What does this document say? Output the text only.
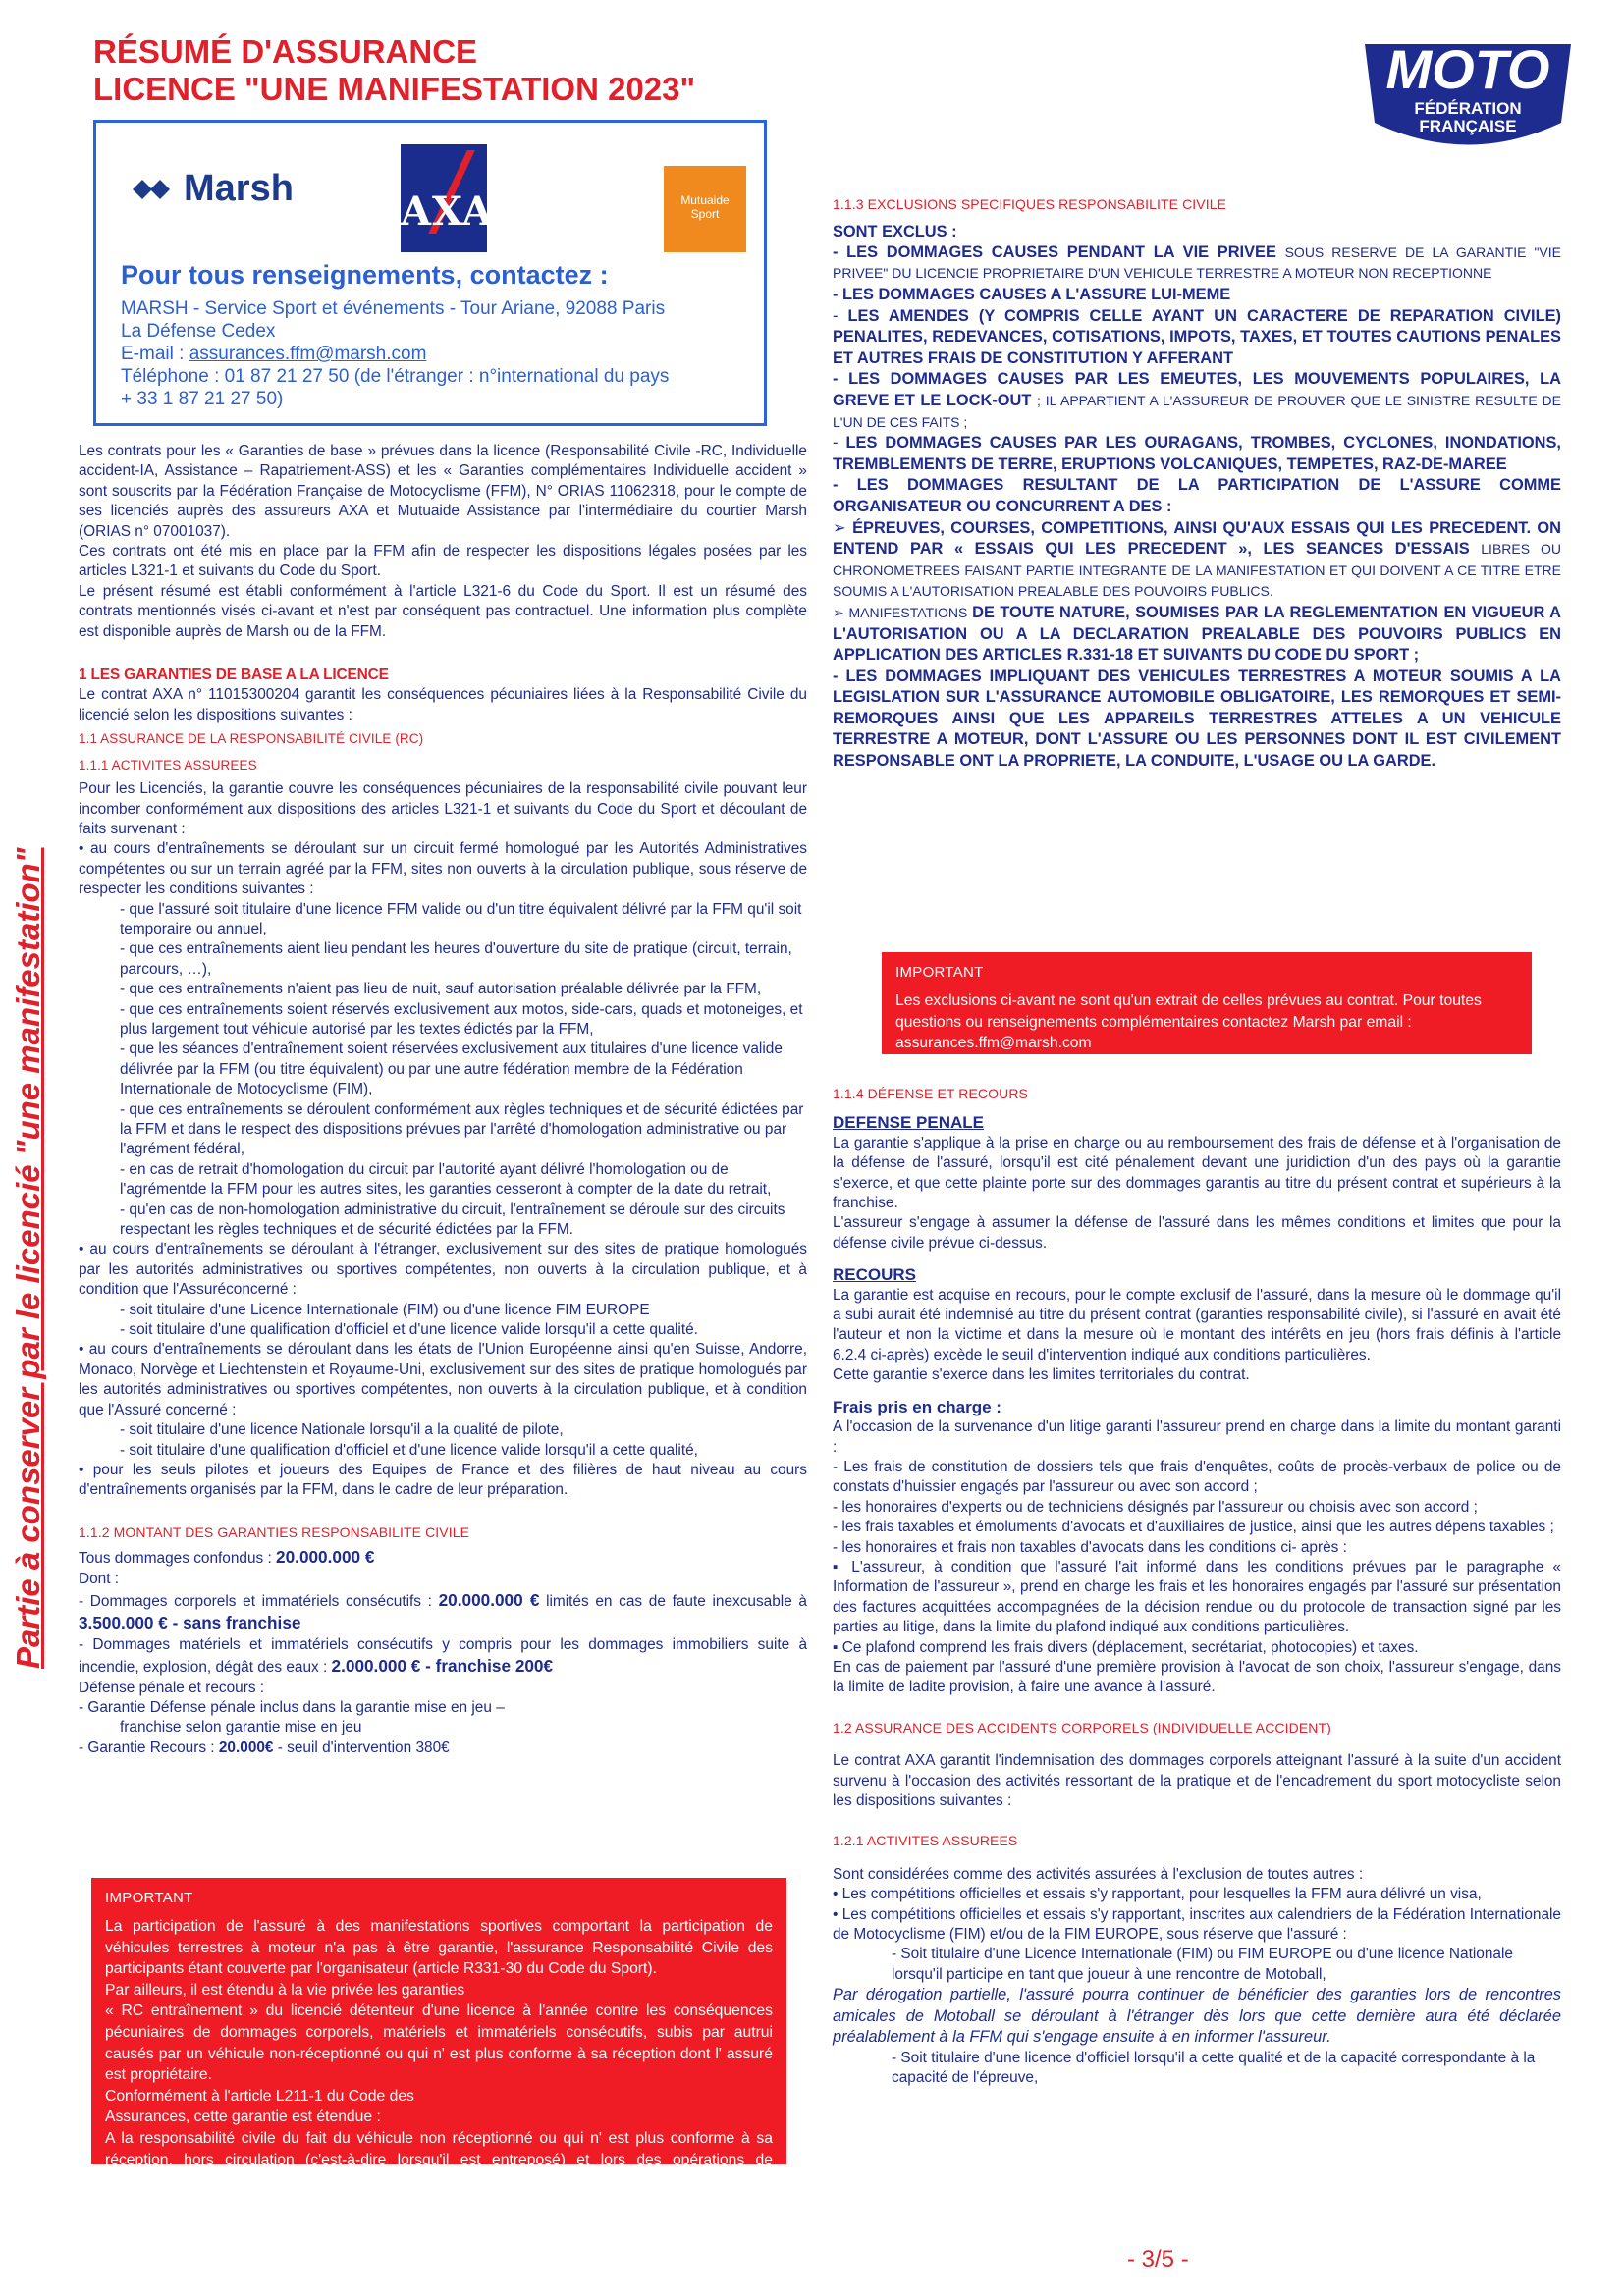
RÉSUMÉ D'ASSURANCE
LICENCE "UNE MANIFESTATION 2023"	MOTO
FÉDÉRATION
FRANÇAISE
Marsh	AXA	Mutuaide
Sport
Pour tous renseignements, contactez :
MARSH - Service Sport et événements - Tour Ariane, 92088 Paris
La Défense Cedex
E-mail : assurances.ffm@marsh.com
Téléphone : 01 87 21 27 50 (de l'étranger : n°international du pays
+ 33 1 87 21 27 50)
Partie à conserver par le licencié "une manifestation"

Les contrats pour les « Garanties de base » prévues dans la licence (Responsabilité Civile -RC, Individuelle accident-IA, Assistance – Rapatriement-ASS) et les « Garanties complémentaires Individuelle accident » sont souscrits par la Fédération Française de Motocyclisme (FFM), N° ORIAS 11062318, pour le compte de ses licenciés auprès des assureurs AXA et Mutuaide Assistance par l'intermédiaire du courtier Marsh (ORIAS n° 07001037).

Ces contrats ont été mis en place par la FFM afin de respecter les dispositions légales posées par les articles L321-1 et suivants du Code du Sport.

Le présent résumé est établi conformément à l'article L321-6 du Code du Sport. Il est un résumé des contrats mentionnés visés ci-avant et n'est par conséquent pas contractuel. Une information plus complète est disponible auprès de Marsh ou de la FFM.

1 LES GARANTIES DE BASE A LA LICENCE

Le contrat AXA n° 11015300204 garantit les conséquences pécuniaires liées à la Responsabilité Civile du licencié selon les dispositions suivantes :

1.1 ASSURANCE DE LA RESPONSABILITÉ CIVILE (RC)
1.1.1 ACTIVITES ASSUREES

Pour les Licenciés, la garantie couvre les conséquences pécuniaires de la responsabilité civile pouvant leur incomber conformément aux dispositions des articles L321-1 et suivants du Code du Sport et découlant de faits survenant :

• au cours d'entraînements se déroulant sur un circuit fermé homologué par les Autorités Administratives compétentes ou sur un terrain agréé par la FFM, sites non ouverts à la circulation publique, sous réserve de respecter les conditions suivantes :

- que l'assuré soit titulaire d'une licence FFM valide ou d'un titre équivalent délivré par la FFM qu'il soit temporaire ou annuel,
- que ces entraînements aient lieu pendant les heures d'ouverture du site de pratique (circuit, terrain, parcours, …),
- que ces entraînements n'aient pas lieu de nuit, sauf autorisation préalable délivrée par la FFM,
- que ces entraînements soient réservés exclusivement aux motos, side-cars, quads et motoneiges, et plus largement tout véhicule autorisé par les textes édictés par la FFM,
- que les séances d'entraînement soient réservées exclusivement aux titulaires d'une licence valide délivrée par la FFM (ou titre équivalent) ou par une autre fédération membre de la Fédération Internationale de Motocyclisme (FIM),
- que ces entraînements se déroulent conformément aux règles techniques et de sécurité édictées par la FFM et dans le respect des dispositions prévues par l'arrêté d'homologation administrative ou par l'agrément fédéral,
- en cas de retrait d'homologation du circuit par l'autorité ayant délivré l'homologation ou de l'agrémentde la FFM pour les autres sites, les garanties cesseront à compter de la date du retrait,
- qu'en cas de non-homologation administrative du circuit, l'entraînement se déroule sur des circuits respectant les règles techniques et de sécurité édictées par la FFM.

• au cours d'entraînements se déroulant à l'étranger, exclusivement sur des sites de pratique homologués par les autorités administratives ou sportives compétentes, non ouverts à la circulation publique, et à condition que l'Assuréconcerné :

- soit titulaire d'une Licence Internationale (FIM) ou d'une licence FIM EUROPE
- soit titulaire d'une qualification d'officiel et d'une licence valide lorsqu'il a cette qualité.

• au cours d'entraînements se déroulant dans les états de l'Union Européenne ainsi qu'en Suisse, Andorre, Monaco, Norvège et Liechtenstein et Royaume-Uni, exclusivement sur des sites de pratique homologués par les autorités administratives ou sportives compétentes, non ouverts à la circulation publique, et à condition que l'Assuré concerné :

- soit titulaire d'une licence Nationale lorsqu'il a la qualité de pilote,
- soit titulaire d'une qualification d'officiel et d'une licence valide lorsqu'il a cette qualité,

• pour les seuls pilotes et joueurs des Equipes de France et des filières de haut niveau au cours d'entraînements organisés par la FFM, dans le cadre de leur préparation.

1.1.2 MONTANT DES GARANTIES RESPONSABILITE CIVILE

Tous dommages confondus : 20.000.000 €

Dont :

- Dommages corporels et immatériels consécutifs : 20.000.000 € limités en cas de faute inexcusable à 3.500.000 € - sans franchise

- Dommages matériels et immatériels consécutifs y compris pour les dommages immobiliers suite à incendie, explosion, dégât des eaux : 2.000.000 € - franchise 200€

Défense pénale et recours :

- Garantie Défense pénale inclus dans la garantie mise en jeu –

franchise selon garantie mise en jeu

- Garantie Recours : 20.000€ - seuil d'intervention 380€

IMPORTANT
La participation de l'assuré à des manifestations sportives comportant la participation de véhicules terrestres à moteur n'a pas à être garantie, l'assurance Responsabilité Civile des participants étant couverte par l'organisateur (article R331-30 du Code du Sport).
Par ailleurs, il est étendu à la vie privée les garanties
« RC entraînement » du licencié détenteur d'une licence à l'année contre les conséquences pécuniaires de dommages corporels, matériels et immatériels consécutifs, subis par autrui causés par un véhicule non-réceptionné ou qui n' est plus conforme à sa réception dont l' assuré est propriétaire.
Conformément à l'article L211-1 du Code des
Assurances, cette garantie est étendue :
A la responsabilité civile du fait du véhicule non réceptionné ou qui n' est plus conforme à sa réception, hors circulation (c'est-à-dire lorsqu'il est entreposé) et lors des opérations de chargement, de déchargement sur une remorque ou dans un véhicule, à l' exclusion des dommages subis lors de la réparation de la vente et/ou du contrôle de l'automobile par des professionnels.
1.1.3 EXCLUSIONS SPECIFIQUES RESPONSABILITE CIVILE
SONT EXCLUS :

- LES DOMMAGES CAUSES PENDANT LA VIE PRIVEE SOUS RESERVE DE LA GARANTIE "VIE PRIVEE" DU LICENCIE PROPRIETAIRE D'UN VEHICULE TERRESTRE A MOTEUR NON RECEPTIONNE

- LES DOMMAGES CAUSES A L'ASSURE LUI-MEME

- LES AMENDES (Y COMPRIS CELLE AYANT UN CARACTERE DE REPARATION CIVILE) PENALITES, REDEVANCES, COTISATIONS, IMPOTS, TAXES, ET TOUTES CAUTIONS PENALES ET AUTRES FRAIS DE CONSTITUTION Y AFFERANT

- LES DOMMAGES CAUSES PAR LES EMEUTES, LES MOUVEMENTS POPULAIRES, LA GREVE ET LE LOCK-OUT ; IL APPARTIENT A L'ASSUREUR DE PROUVER QUE LE SINISTRE RESULTE DE L'UN DE CES FAITS ;

- LES DOMMAGES CAUSES PAR LES OURAGANS, TROMBES, CYCLONES, INONDATIONS, TREMBLEMENTS DE TERRE, ERUPTIONS VOLCANIQUES, TEMPETES, RAZ-DE-MAREE

- LES DOMMAGES RESULTANT DE LA PARTICIPATION DE L'ASSURE COMME ORGANISATEUR OU CONCURRENT A DES :

➢ ÉPREUVES, COURSES, COMPETITIONS, AINSI QU'AUX ESSAIS QUI LES PRECEDENT. ON ENTEND PAR « ESSAIS QUI LES PRECEDENT », LES SEANCES D'ESSAIS LIBRES OU CHRONOMETREES FAISANT PARTIE INTEGRANTE DE LA MANIFESTATION ET QUI DOIVENT A CE TITRE ETRE SOUMIS A L'AUTORISATION PREALABLE DES POUVOIRS PUBLICS.

➢ MANIFESTATIONS DE TOUTE NATURE, SOUMISES PAR LA REGLEMENTATION EN VIGUEUR A L'AUTORISATION OU A LA DECLARATION PREALABLE DES POUVOIRS PUBLICS EN APPLICATION DES ARTICLES R.331-18 ET SUIVANTS DU CODE DU SPORT ;

- LES DOMMAGES IMPLIQUANT DES VEHICULES TERRESTRES A MOTEUR SOUMIS A LA LEGISLATION SUR L'ASSURANCE AUTOMOBILE OBLIGATOIRE, LES REMORQUES ET SEMI- REMORQUES AINSI QUE LES APPAREILS TERRESTRES ATTELES A UN VEHICULE TERRESTRE A MOTEUR, DONT L'ASSURE OU LES PERSONNES DONT IL EST CIVILEMENT RESPONSABLE ONT LA PROPRIETE, LA CONDUITE, L'USAGE OU LA GARDE.

IMPORTANT
Les exclusions ci-avant ne sont qu'un extrait de celles prévues au contrat. Pour toutes questions ou renseignements complémentaires contactez Marsh par email : assurances.ffm@marsh.com
1.1.4 DÉFENSE ET RECOURS
DEFENSE PENALE

La garantie s'applique à la prise en charge ou au remboursement des frais de défense et à l'organisation de la défense de l'assuré, lorsqu'il est cité pénalement devant une juridiction d'un des pays où la garantie s'exerce, et que cette plainte porte sur des dommages garantis au titre du présent contrat et supérieurs à la franchise.

L'assureur s'engage à assumer la défense de l'assuré dans les mêmes conditions et limites que pour la défense civile prévue ci-dessus.

RECOURS

La garantie est acquise en recours, pour le compte exclusif de l'assuré, dans la mesure où le dommage qu'il a subi aurait été indemnisé au titre du présent contrat (garanties responsabilité civile), si l'assuré en avait été l'auteur et non la victime et dans la mesure où le montant des intérêts en jeu (hors frais définis à l'article 6.2.4 ci-après) excède le seuil d'intervention indiqué aux conditions particulières.

Cette garantie s'exerce dans les limites territoriales du contrat.

Frais pris en charge :

A l'occasion de la survenance d'un litige garanti l'assureur prend en charge dans la limite du montant garanti :

- Les frais de constitution de dossiers tels que frais d'enquêtes, coûts de procès-verbaux de police ou de constats d'huissier engagés par l'assureur ou avec son accord ;

- les honoraires d'experts ou de techniciens désignés par l'assureur ou choisis avec son accord ;

- les frais taxables et émoluments d'avocats et d'auxiliaires de justice, ainsi que les autres dépens taxables ;

- les honoraires et frais non taxables d'avocats dans les conditions ci- après :

▪ L'assureur, à condition que l'assuré l'ait informé dans les conditions prévues par le paragraphe « Information de l'assureur », prend en charge les frais et les honoraires engagés par l'assuré sur présentation des factures acquittées accompagnées de la décision rendue ou du protocole de transaction signé par les parties au litige, dans la limite du plafond indiqué aux conditions particulières.

▪ Ce plafond comprend les frais divers (déplacement, secrétariat, photocopies) et taxes.

En cas de paiement par l'assuré d'une première provision à l'avocat de son choix, l'assureur s'engage, dans la limite de ladite provision, à faire une avance à l'assuré.

1.2 ASSURANCE DES ACCIDENTS CORPORELS (INDIVIDUELLE ACCIDENT)

Le contrat AXA garantit l'indemnisation des dommages corporels atteignant l'assuré à la suite d'un accident survenu à l'occasion des activités ressortant de la pratique et de l'encadrement du sport motocycliste selon les dispositions suivantes :

1.2.1 ACTIVITES ASSUREES

Sont considérées comme des activités assurées à l'exclusion de toutes autres :

• Les compétitions officielles et essais s'y rapportant, pour lesquelles la FFM aura délivré un visa,

• Les compétitions officielles et essais s'y rapportant, inscrites aux calendriers de la Fédération Internationale de Motocyclisme (FIM) et/ou de la FIM EUROPE, sous réserve que l'assuré :

- Soit titulaire d'une Licence Internationale (FIM) ou FIM EUROPE ou d'une licence Nationale lorsqu'il participe en tant que joueur à une rencontre de Motoball,

Par dérogation partielle, l'assuré pourra continuer de bénéficier des garanties lors de rencontres amicales de Motoball se déroulant à l'étranger dès lors que cette dernière aura été déclarée préalablement à la FFM qui s'engage ensuite à en informer l'assureur.

- Soit titulaire d'une licence d'officiel lorsqu'il a cette qualité et de la capacité correspondante à la capacité de l'épreuve,

- 3/5 -
